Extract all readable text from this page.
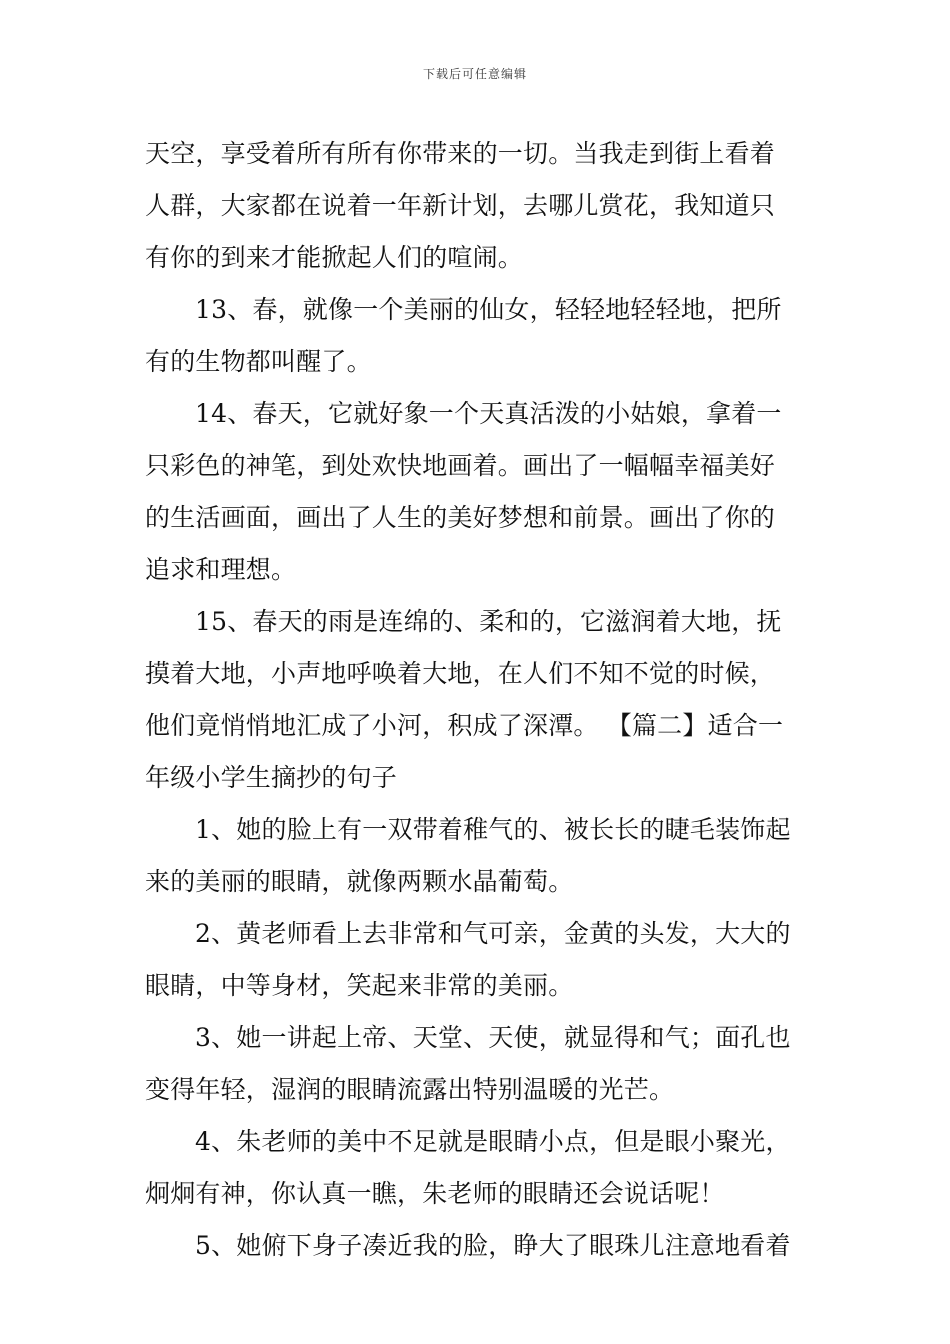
下载后可任意编辑
天空，享受着所有所有你带来的一切。当我走到街上看着
人群，大家都在说着一年新计划，去哪儿赏花，我知道只
有你的到来才能掀起人们的喧闹。
13、春，就像一个美丽的仙女，轻轻地轻轻地，把所
有的生物都叫醒了。
14、春天，它就好象一个天真活泼的小姑娘，拿着一
只彩色的神笔，到处欢快地画着。画出了一幅幅幸福美好
的生活画面，画出了人生的美好梦想和前景。画出了你的
追求和理想。
15、春天的雨是连绵的、柔和的，它滋润着大地，抚
摸着大地，小声地呼唤着大地，在人们不知不觉的时候，
他们竟悄悄地汇成了小河，积成了深潭。 【篇二】适合一
年级小学生摘抄的句子
1、她的脸上有一双带着稚气的、被长长的睫毛装饰起
来的美丽的眼睛，就像两颗水晶葡萄。
2、黄老师看上去非常和气可亲，金黄的头发，大大的
眼睛，中等身材，笑起来非常的美丽。
3、她一讲起上帝、天堂、天使，就显得和气；面孔也
变得年轻，湿润的眼睛流露出特别温暖的光芒。
4、朱老师的美中不足就是眼睛小点，但是眼小聚光，
炯炯有神，你认真一瞧，朱老师的眼睛还会说话呢！
5、她俯下身子凑近我的脸，睁大了眼珠儿注意地看着
